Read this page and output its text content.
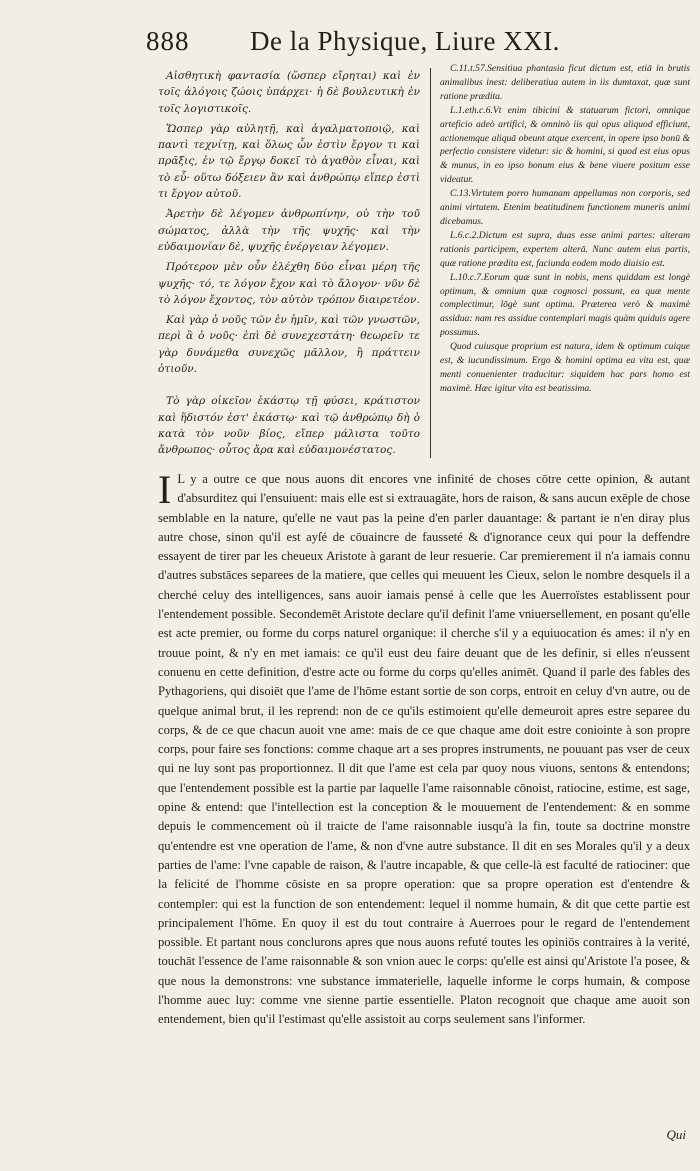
888 De la Physique, Liure XXI.

Αἰσθητικὴ φαντασία (ὥσπερ εἴρηται) καὶ ἐν τοῖς ἀλόγοις ζώοις ὑπάρχει· ἡ δὲ βουλευτικὴ ἐν τοῖς λογιστικοῖς.

Ὥσπερ γὰρ αὐλητῇ, καὶ ἀγαλματοποιῷ, καὶ παντὶ τεχνίτῃ, καὶ ὅλως ὧν ἐστὶν ἔργον τι καὶ πρᾶξις, ἐν τῷ ἔργῳ δοκεῖ τὸ ἀγαθὸν εἶναι, καὶ τὸ εὖ· οὕτω δόξειεν ἂν καὶ ἀνθρώπῳ εἴπερ ἐστὶ τι ἔργον αὐτοῦ.

Ἀρετὴν δὲ λέγομεν ἀνθρωπίνην, οὐ τὴν τοῦ σώματος, ἀλλὰ τὴν τῆς ψυχῆς· καὶ τὴν εὐδαιμονίαν δὲ, ψυχῆς ἐνέργειαν λέγομεν.

Πρότερον μὲν οὖν ἐλέχθη δύο εἶναι μέρη τῆς ψυχῆς· τό, τε λόγον ἔχον καὶ τὸ ἄλογον· νῦν δὲ τὸ λόγον ἔχοντος, τὸν αὐτὸν τρόπον διαιρετέον.

Καὶ γὰρ ὁ νοῦς τῶν ἐν ἡμῖν, καὶ τῶν γνωστῶν, περὶ ἃ ὁ νοῦς· ἐπὶ δὲ συνεχεστάτη· θεωρεῖν τε γὰρ δυνάμεθα συνεχῶς μᾶλλον, ἢ πράττειν ὁτιοῦν.

Τὸ γὰρ οἰκεῖον ἑκάστῳ τῇ φύσει, κράτιστον καὶ ἥδιστόν ἐστ' ἑκάστῳ· καὶ τῷ ἀνθρώπῳ δὴ ὁ κατὰ τὸν νοῦν βίος, εἴπερ μάλιστα τοῦτο ἄνθρωπος· οὗτος ἄρα καὶ εὐδαιμονέστατος.

C.11.t.57.Sensitiua phantasia ficut dictum est, etiā in brutis animalibus inest: deliberatiua autem in iis dumtaxat, quæ sunt ratione prædita.

L.1.eth.c.6.Vt enim tibicini & statuarum fictori, omnique arteficio adeò artifici, & omninò iis qui opus aliquod efficiunt, actionemque aliquā obeunt atque exercent, in opere ipso bonū & perfectio consistere videtur: sic & homini, si quod est eius opus & munus, in eo ipso bonum eius & bene viuere positum esse videatur.

C.13.Virtutem porro humanam appellamus non corporis, sed animi virtutem. Etenim beatitudinem functionem muneris animi dicebamus.

L.6.c.2.Dictum est supra, duas esse animi partes: alteram rationis participem, expertem alterā. Nunc autem eius partis, quæ ratione prædita est, faciunda eodem modo diuisio est.

L.10.c.7.Eorum quæ sunt in nobis, mens quiddam est longè optimum, & omnium quæ cognosci possunt, ea quæ mente complectimur, lōgè sunt optima. Præterea verò & maximè assidua: nam res assidue contemplari magis quàm quiduis agere possumus.

Quod cuiusque proprium est natura, idem & optimum cuique est, & iucundissimum. Ergo & homini optima ea vita est, quæ menti conuenienter traducitur: siquidem hac pars homo est maximè. Hæc igitur vita est beatissima.

I L y a outre ce que nous auons dit encores vne infinité de choses cōtre cette opinion, & autant d'absurditez qui l'ensuiuent: mais elle est si extrauagāte, hors de raison, & sans aucun exēple de chose semblable en la nature, qu'elle ne vaut pas la peine d'en parler dauantage: & partant ie n'en diray plus autre chose, sinon qu'il est ayſé de cōuaincre de fausseté & d'ignorance ceux qui pour la deffendre essayent de tirer par les cheueux Aristote à garant de leur resuerie. Car premierement il n'a iamais connu d'autres substāces separees de la matiere, que celles qui meuuent les Cieux, selon le nombre desquels il a cherché celuy des intelligences, sans auoir iamais pensé à celle que les Auerroïstes establissent pour l'entendement possible. Secondemēt Aristote declare qu'il definit l'ame vniuersellement, en posant qu'elle est acte premier, ou forme du corps naturel organique: il cherche s'il y a equiuocation és ames: il n'y en trouue point, & n'y en met iamais: ce qu'il eust deu faire deuant que de les definir, si elles n'eussent conuenu en cette definition, d'estre acte ou forme du corps qu'elles animēt. Quand il parle des fables des Pythagoriens, qui disoiēt que l'ame de l'hōme estant sortie de son corps, entroit en celuy d'vn autre, ou de quelque animal brut, il les reprend: non de ce qu'ils estimoient qu'elle demeuroit apres estre separee du corps, & de ce que chacun auoit vne ame: mais de ce que chaque ame doit estre coniointe à son propre corps, pour faire ses fonctions: comme chaque art a ses propres instruments, ne pouuant pas vser de ceux qui ne luy sont pas proportionnez. Il dit que l'ame est cela par quoy nous viuons, sentons & entendons; que l'entendement possible est la partie par laquelle l'ame raisonnable cōnoist, ratiocine, estime, est sage, opine & entend: que l'intellection est la conception & le mouuement de l'entendement: & en somme depuis le commencement où il traicte de l'ame raisonnable iusqu'à la fin, toute sa doctrine monstre qu'entendre est vne operation de l'ame, & non d'vne autre substance. Il dit en ses Morales qu'il y a deux parties de l'ame: l'vne capable de raison, & l'autre incapable, & que celle-là est faculté de ratiociner: que la felicité de l'homme cōsiste en sa propre operation: que sa propre operation est d'entendre & contempler: qui est la function de son entendement: lequel il nomme humain, & dit que cette partie est principalement l'hōme. En quoy il est du tout contraire à Auerroes pour le regard de l'entendement possible. Et partant nous conclurons apres que nous auons refuté toutes les opiniōs contraires à la verité, touchāt l'essence de l'ame raisonnable & son vnion auec le corps: qu'elle est ainsi qu'Aristote l'a posee, & que nous la demonstrons: vne substance immaterielle, laquelle informe le corps humain, & compose l'homme auec luy: comme vne sienne partie essentielle. Platon recognoit que chaque ame auoit son entendement, bien qu'il l'estimast qu'elle assistoit au corps seulement sans l'informer.
Qui
